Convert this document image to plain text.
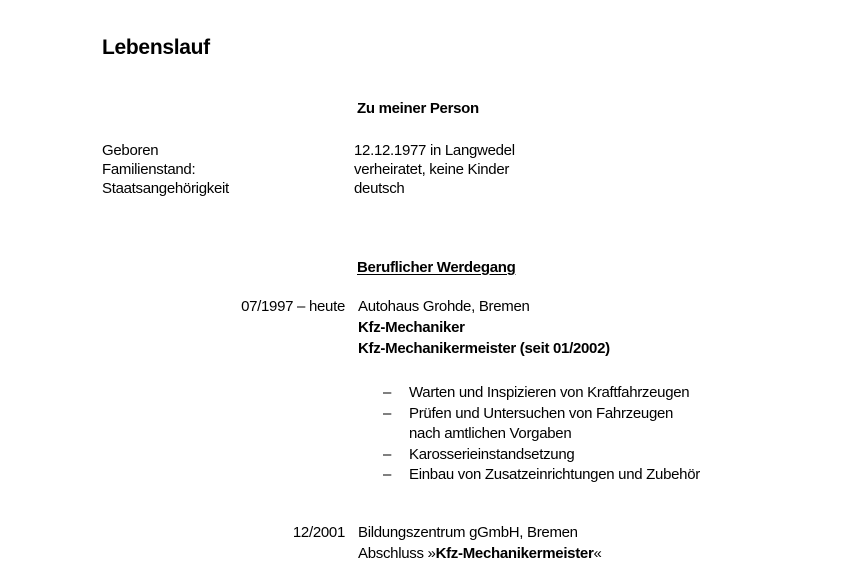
Lebenslauf
Zu meiner Person
Geboren
Familienstand:
Staatsangehörigkeit
12.12.1977 in Langwedel
verheiratet, keine Kinder
deutsch
Beruflicher Werdegang
07/1997 – heute Autohaus Grohde, Bremen
Kfz-Mechaniker
Kfz-Mechanikermeister (seit 01/2002)
– Warten und Inspizieren von Kraftfahrzeugen
– Prüfen und Untersuchen von Fahrzeugen
nach amtlichen Vorgaben
– Karosserieinstandsetzung
– Einbau von Zusatzeinrichtungen und Zubehör
12/2001 Bildungszentrum gGmbH, Bremen
Abschluss »Kfz-Mechanikermeister«
